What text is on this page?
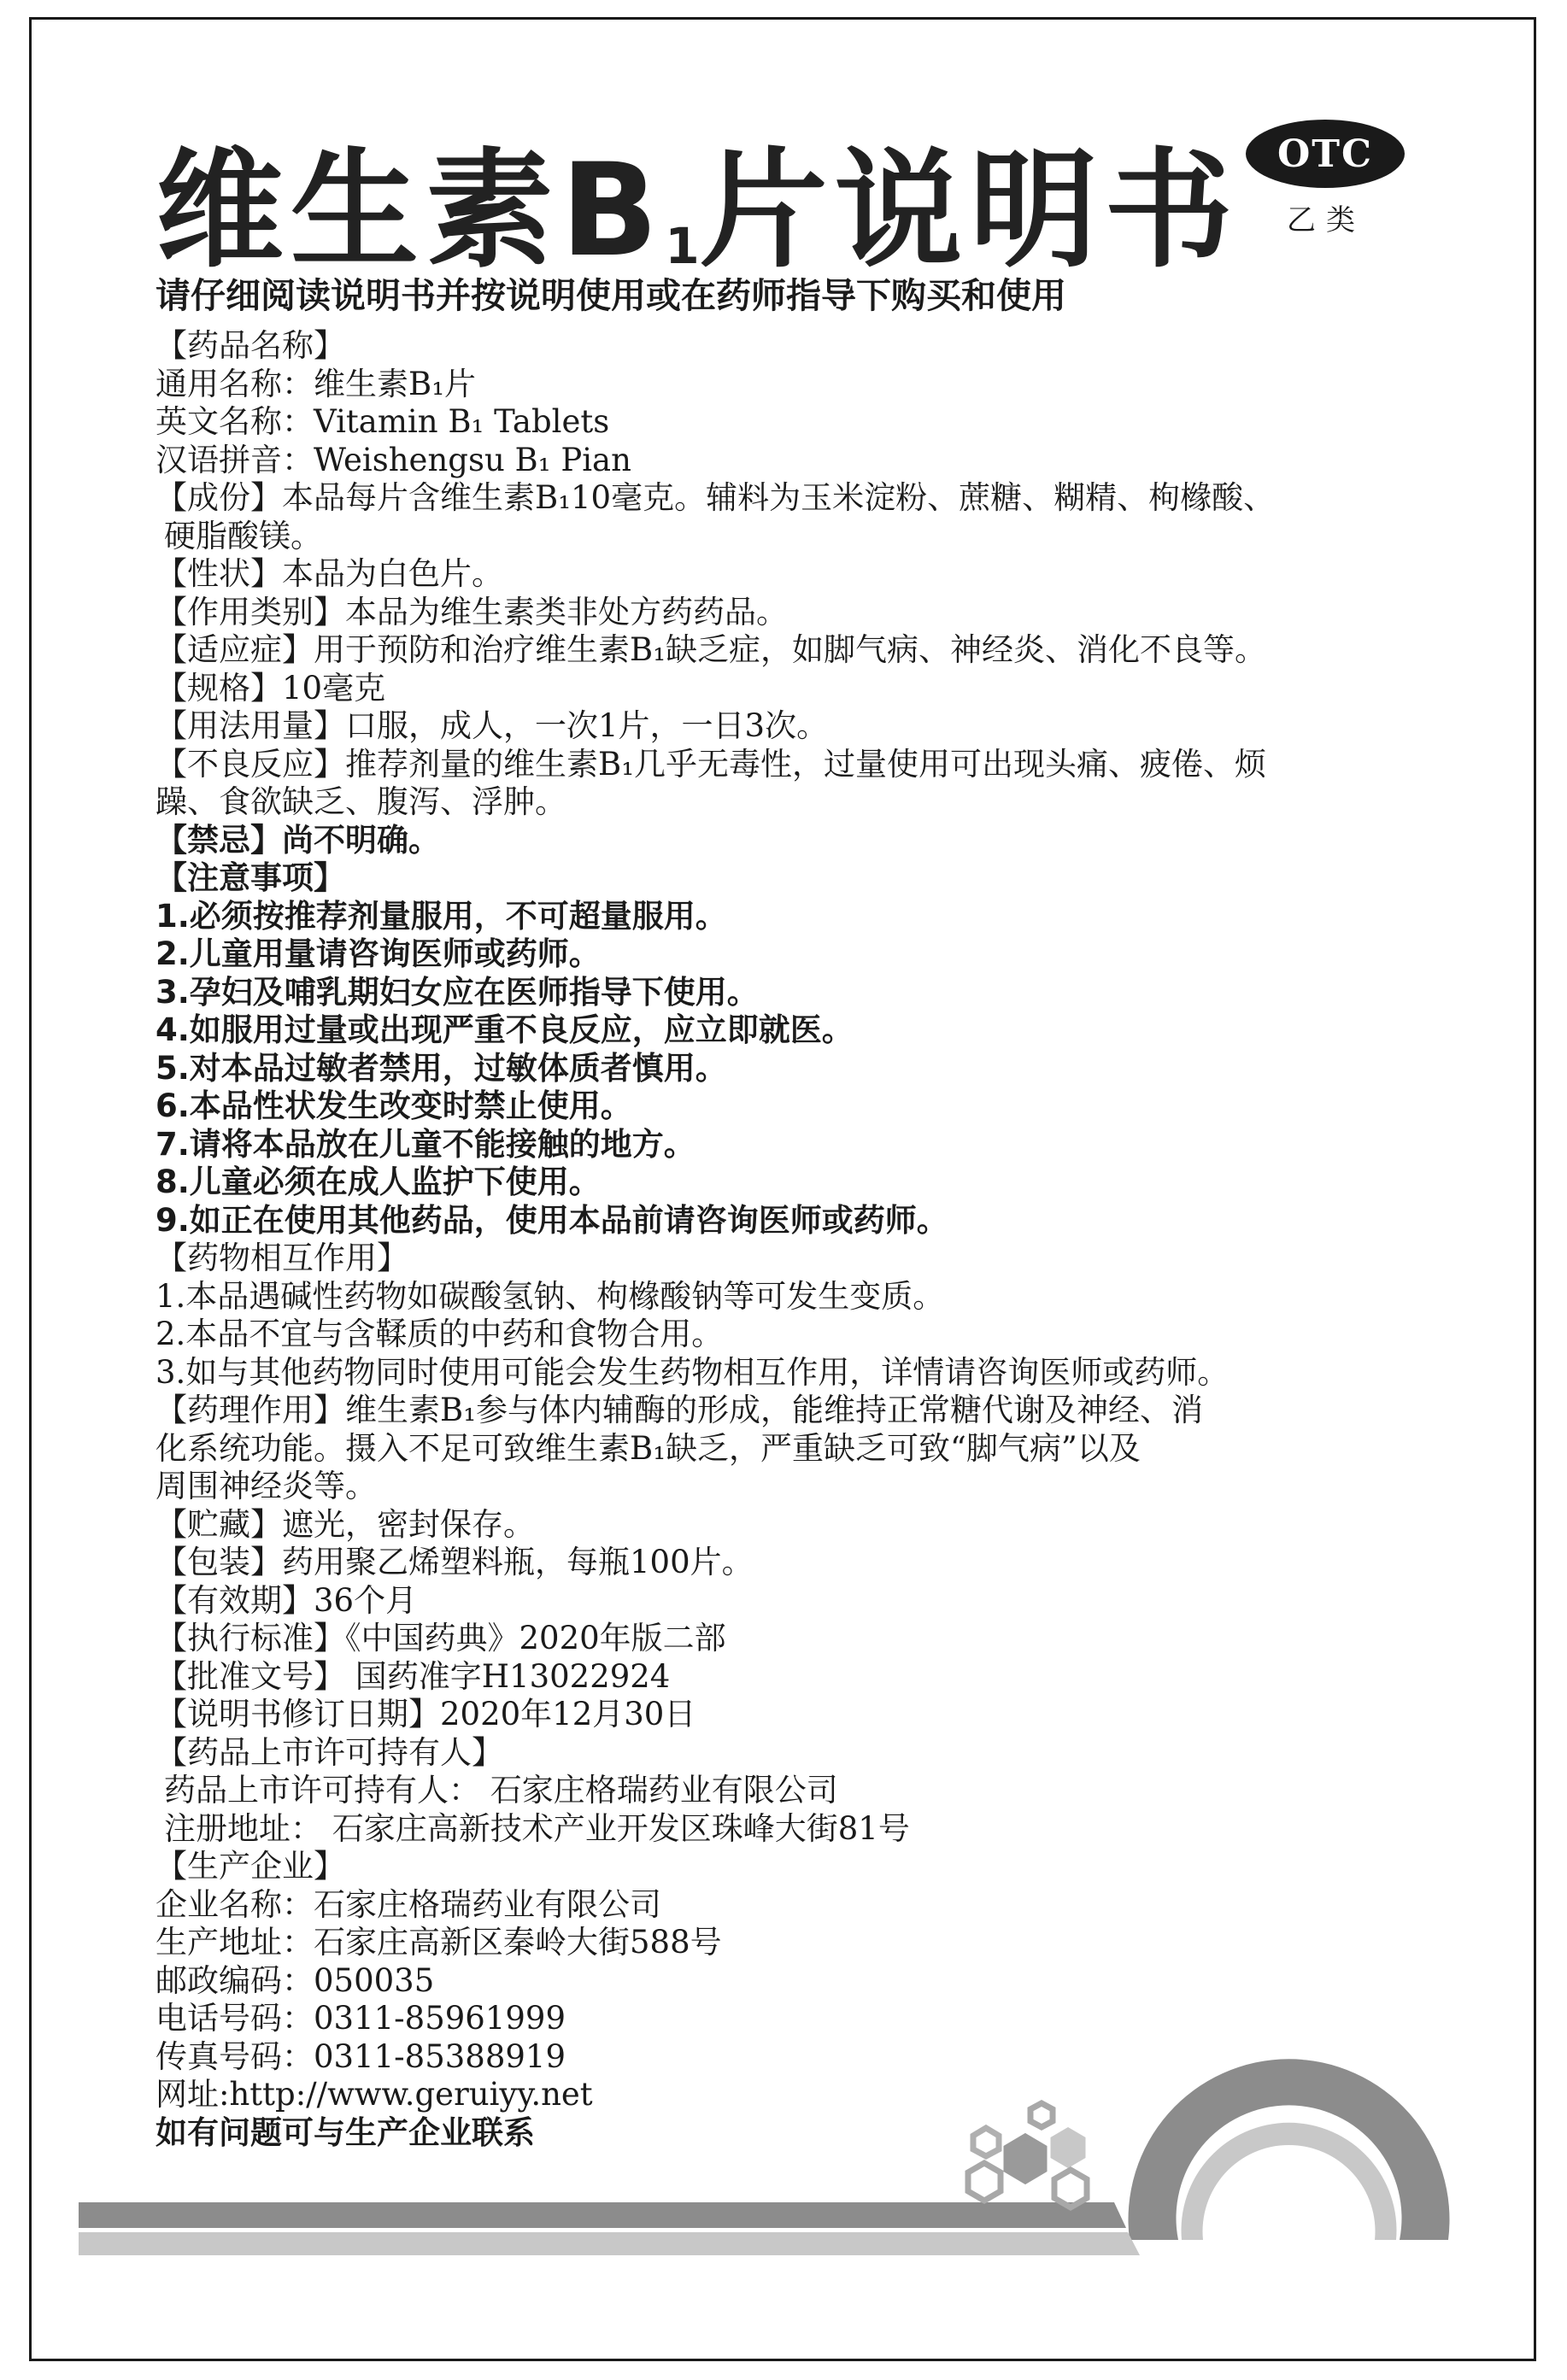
维生素B1片说明书
请仔细阅读说明书并按说明使用或在药师指导下购买和使用
OTC
乙类
【药品名称】
通用名称：维生素B₁片
英文名称：Vitamin B₁ Tablets
汉语拼音：Weishengsu B₁ Pian
【成份】本品每片含维生素B₁10毫克。辅料为玉米淀粉、蔗糖、糊精、枸橼酸、
硬脂酸镁。
【性状】本品为白色片。
【作用类别】本品为维生素类非处方药药品。
【适应症】用于预防和治疗维生素B₁缺乏症，如脚气病、神经炎、消化不良等。
【规格】10毫克
【用法用量】口服，成人，一次1片，一日3次。
【不良反应】推荐剂量的维生素B₁几乎无毒性，过量使用可出现头痛、疲倦、烦
躁、食欲缺乏、腹泻、浮肿。
【禁忌】尚不明确。
【注意事项】
1.必须按推荐剂量服用，不可超量服用。
2.儿童用量请咨询医师或药师。
3.孕妇及哺乳期妇女应在医师指导下使用。
4.如服用过量或出现严重不良反应，应立即就医。
5.对本品过敏者禁用，过敏体质者慎用。
6.本品性状发生改变时禁止使用。
7.请将本品放在儿童不能接触的地方。
8.儿童必须在成人监护下使用。
9.如正在使用其他药品，使用本品前请咨询医师或药师。
【药物相互作用】
1.本品遇碱性药物如碳酸氢钠、枸橼酸钠等可发生变质。
2.本品不宜与含鞣质的中药和食物合用。
3.如与其他药物同时使用可能会发生药物相互作用，详情请咨询医师或药师。
【药理作用】维生素B₁参与体内辅酶的形成，能维持正常糖代谢及神经、消
化系统功能。摄入不足可致维生素B₁缺乏，严重缺乏可致“脚气病”以及
周围神经炎等。
【贮藏】遮光，密封保存。
【包装】药用聚乙烯塑料瓶，每瓶100片。
【有效期】36个月
【执行标准】《中国药典》2020年版二部
【批准文号】 国药准字H13022924
【说明书修订日期】2020年12月30日
【药品上市许可持有人】
药品上市许可持有人： 石家庄格瑞药业有限公司
注册地址： 石家庄高新技术产业开发区珠峰大街81号
【生产企业】
企业名称：石家庄格瑞药业有限公司
生产地址：石家庄高新区秦岭大街588号
邮政编码：050035
电话号码：0311-85961999
传真号码：0311-85388919
网址:http://www.geruiyy.net
如有问题可与生产企业联系
